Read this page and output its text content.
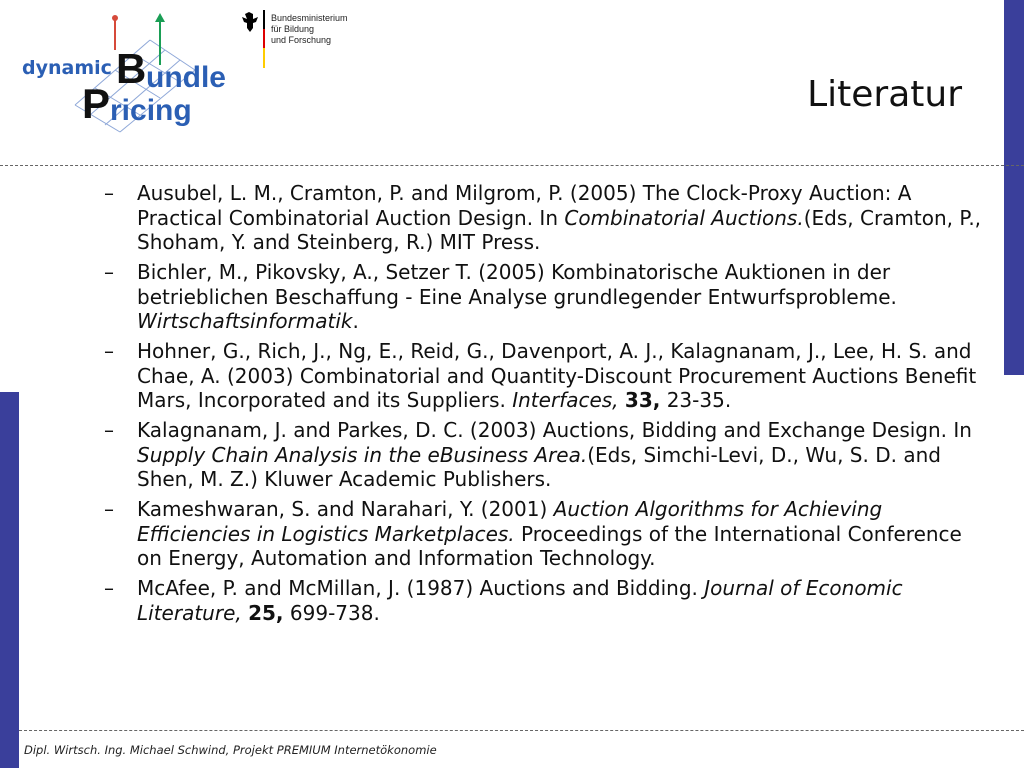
dynamic B undle
P ricing
Bundesministerium
für Bildung
und Forschung
Literatur
– Ausubel, L. M., Cramton, P. and Milgrom, P. (2005) The Clock-Proxy Auction: A Practical Combinatorial Auction Design. In Combinatorial Auctions.(Eds, Cramton, P., Shoham, Y. and Steinberg, R.) MIT Press.
– Bichler, M., Pikovsky, A., Setzer T. (2005) Kombinatorische Auktionen in der betrieblichen Beschaffung - Eine Analyse grundlegender Entwurfsprobleme. Wirtschaftsinformatik.
– Hohner, G., Rich, J., Ng, E., Reid, G., Davenport, A. J., Kalagnanam, J., Lee, H. S. and Chae, A. (2003) Combinatorial and Quantity-Discount Procurement Auctions Benefit Mars, Incorporated and its Suppliers. Interfaces, 33, 23-35.
– Kalagnanam, J. and Parkes, D. C. (2003) Auctions, Bidding and Exchange Design. In Supply Chain Analysis in the eBusiness Area.(Eds, Simchi-Levi, D., Wu, S. D. and Shen, M. Z.) Kluwer Academic Publishers.
– Kameshwaran, S. and Narahari, Y. (2001) Auction Algorithms for Achieving Efficiencies in Logistics Marketplaces. Proceedings of the International Conference on Energy, Automation and Information Technology.
– McAfee, P. and McMillan, J. (1987) Auctions and Bidding. Journal of Economic Literature, 25, 699-738.
Dipl. Wirtsch. Ing. Michael Schwind, Projekt PREMIUM Internetökonomie
